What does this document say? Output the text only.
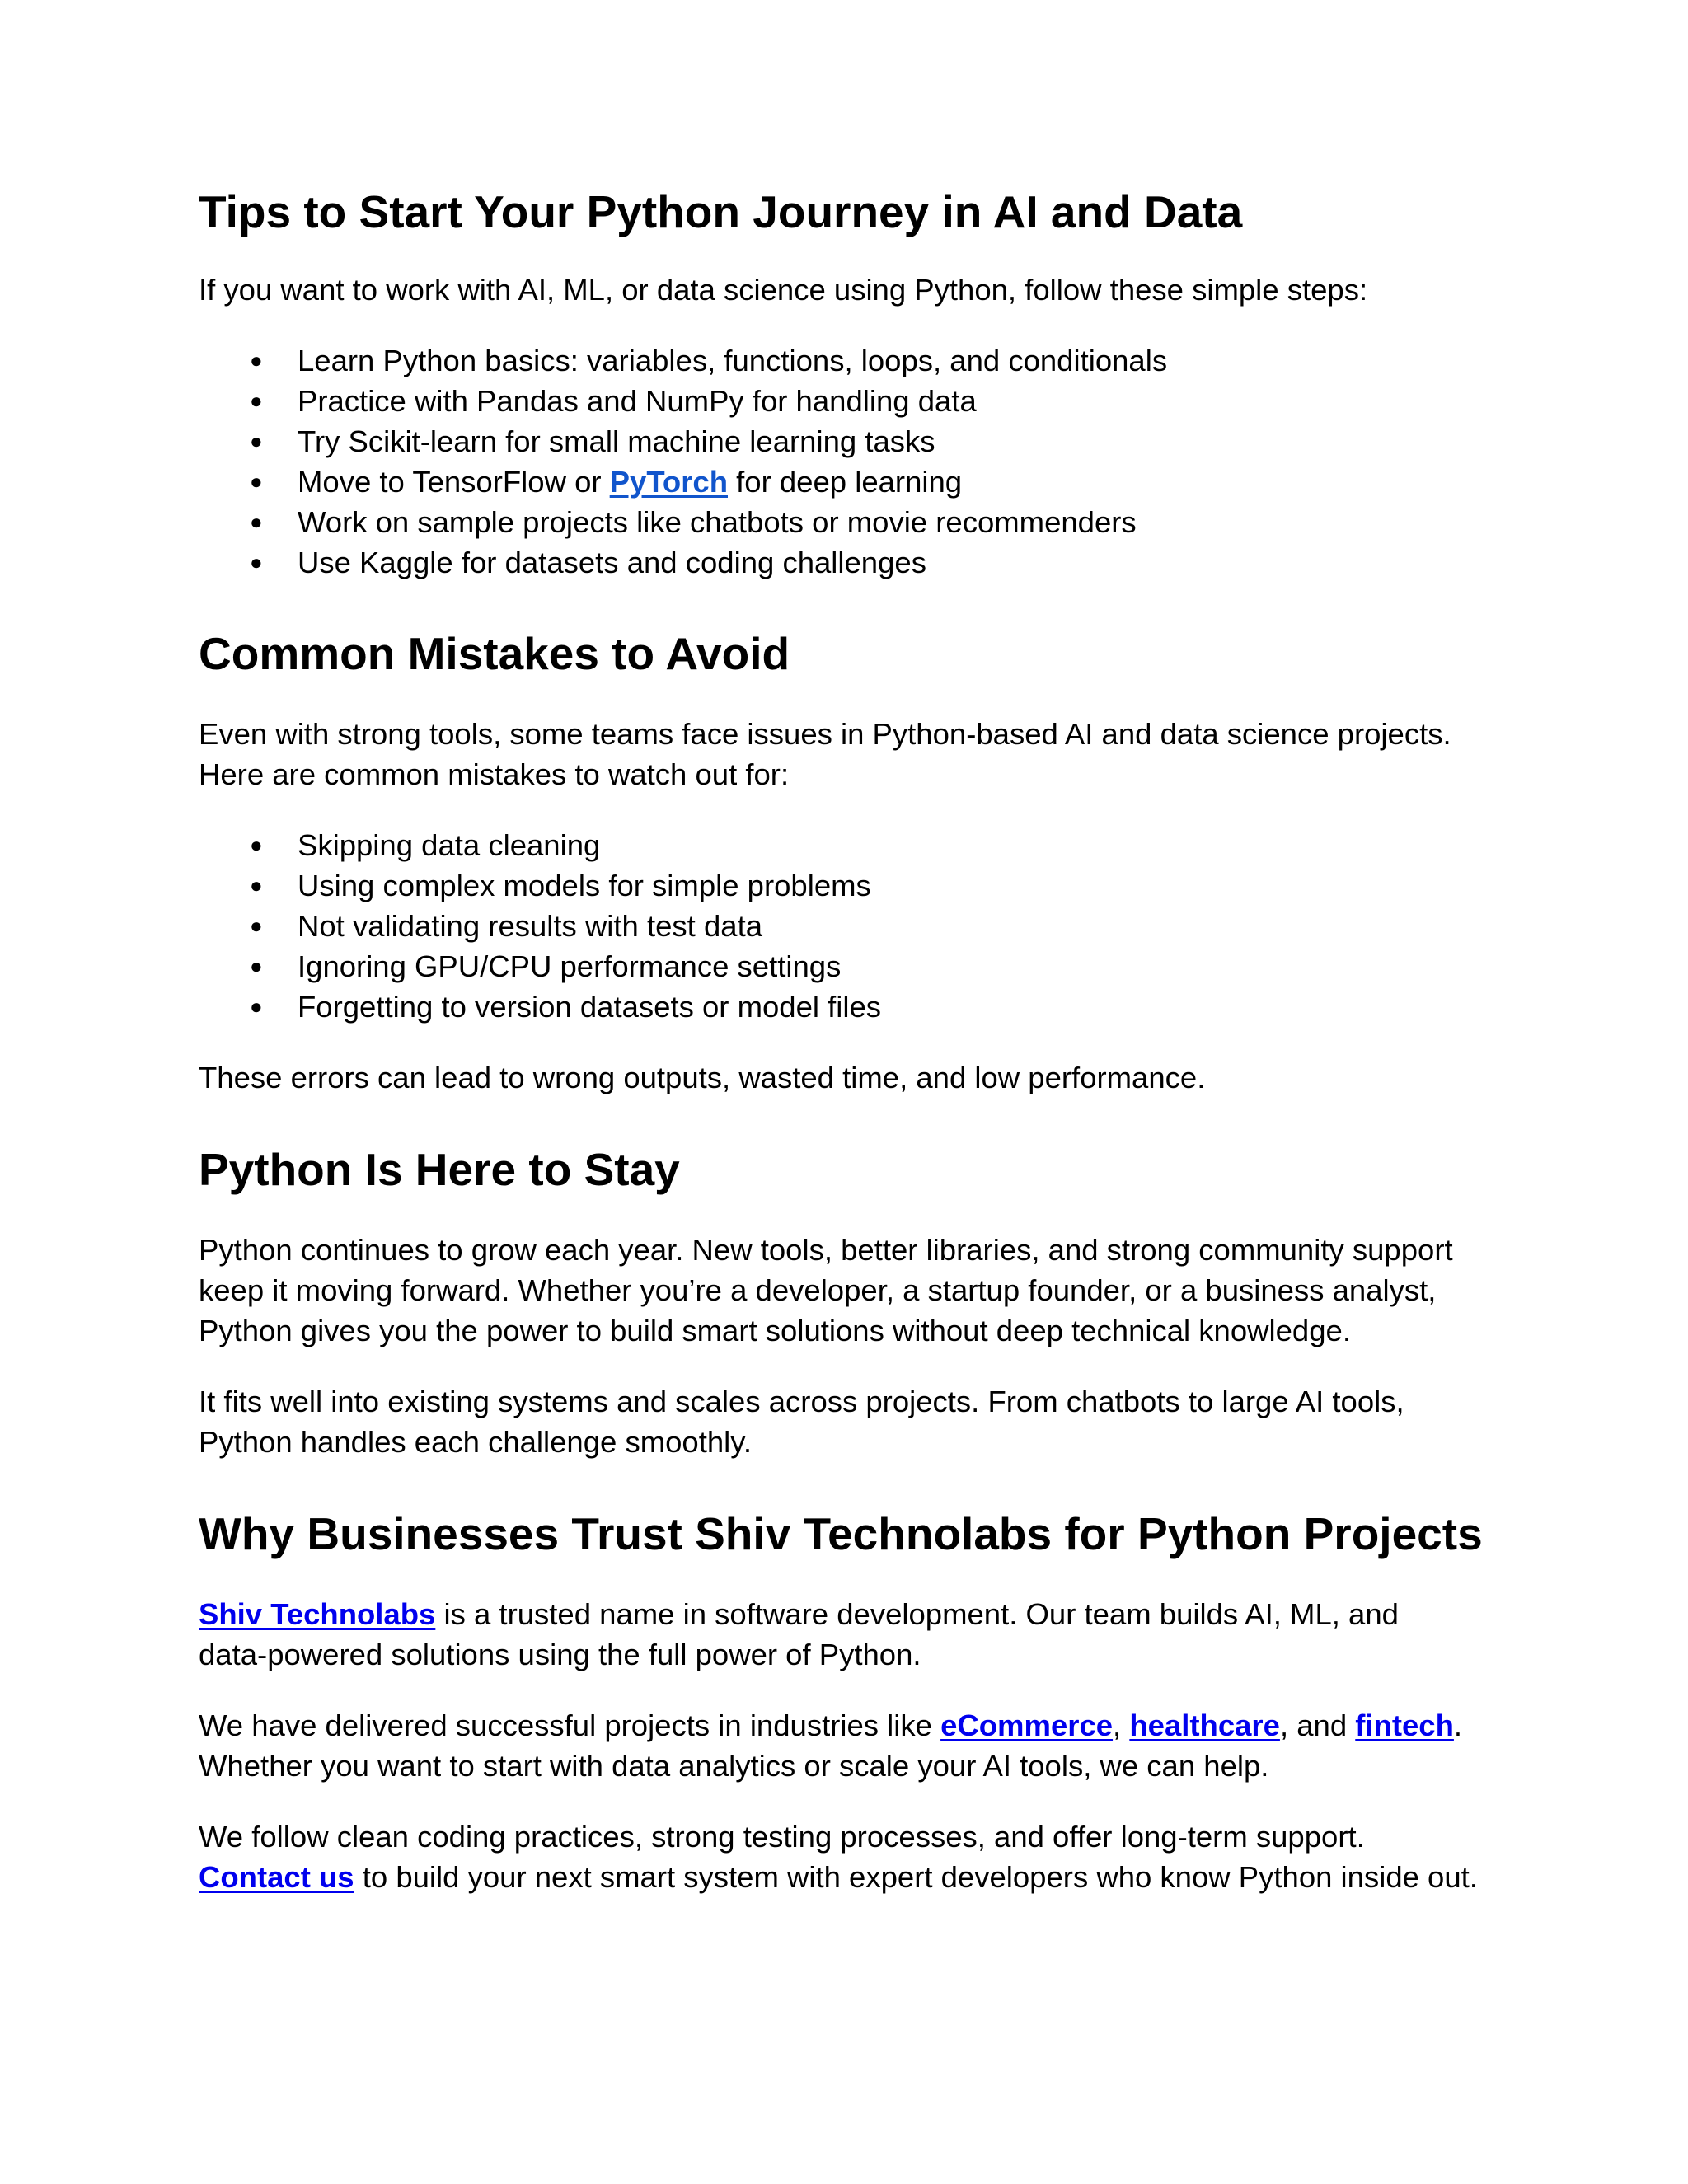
Tips to Start Your Python Journey in AI and Data

If you want to work with AI, ML, or data science using Python, follow these simple steps:

● Learn Python basics: variables, functions, loops, and conditionals
● Practice with Pandas and NumPy for handling data
● Try Scikit-learn for small machine learning tasks
● Move to TensorFlow or PyTorch for deep learning
● Work on sample projects like chatbots or movie recommenders
● Use Kaggle for datasets and coding challenges
Common Mistakes to Avoid

Even with strong tools, some teams face issues in Python-based AI and data science projects.
Here are common mistakes to watch out for:

● Skipping data cleaning
● Using complex models for simple problems
● Not validating results with test data
● Ignoring GPU/CPU performance settings
● Forgetting to version datasets or model files

These errors can lead to wrong outputs, wasted time, and low performance.

Python Is Here to Stay

Python continues to grow each year. New tools, better libraries, and strong community support
keep it moving forward. Whether you’re a developer, a startup founder, or a business analyst,
Python gives you the power to build smart solutions without deep technical knowledge.

It fits well into existing systems and scales across projects. From chatbots to large AI tools,
Python handles each challenge smoothly.

Why Businesses Trust Shiv Technolabs for Python Projects

Shiv Technolabs is a trusted name in software development. Our team builds AI, ML, and
data-powered solutions using the full power of Python.

We have delivered successful projects in industries like eCommerce, healthcare, and fintech.
Whether you want to start with data analytics or scale your AI tools, we can help.

We follow clean coding practices, strong testing processes, and offer long-term support.
Contact us to build your next smart system with expert developers who know Python inside out.
